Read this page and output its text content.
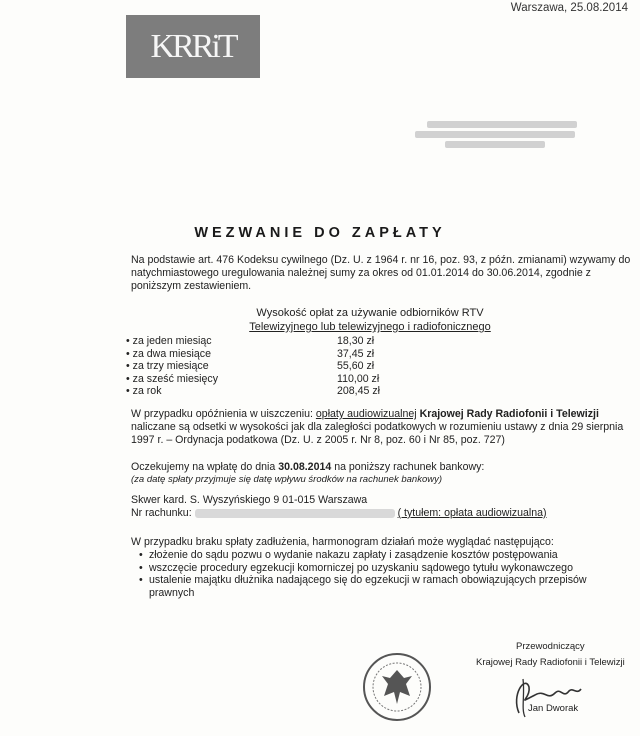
Warszawa, 25.08.2014
KRRiT
WEZWANIE DO ZAPŁATY
Na podstawie art. 476 Kodeksu cywilnego (Dz. U. z 1964 r. nr 16, poz. 93, z późn. zmianami) wzywamy do natychmiastowego uregulowania należnej sumy za okres od 01.01.2014 do 30.06.2014, zgodnie z poniższym zestawieniem.
Wysokość opłat za używanie odbiorników RTV
Telewizyjnego lub telewizyjnego i radiofonicznego
• za jeden miesiąc	18,30 zł
• za dwa miesiące	37,45 zł
• za trzy miesiące	55,60 zł
• za sześć miesięcy	110,00 zł
• za rok	208,45 zł
W przypadku opóźnienia w uiszczeniu: opłaty audiowizualnej Krajowej Rady Radiofonii i Telewizji naliczane są odsetki w wysokości jak dla zaległości podatkowych w rozumieniu ustawy z dnia 29 sierpnia 1997 r. – Ordynacja podatkowa (Dz. U. z 2005 r. Nr 8, poz. 60 i Nr 85, poz. 727)
Oczekujemy na wpłatę do dnia 30.08.2014 na poniższy rachunek bankowy:
(za datę spłaty przyjmuje się datę wpływu środków na rachunek bankowy)
Skwer kard. S. Wyszyńskiego 9 01-015 Warszawa
Nr rachunku:	( tytułem: opłata audiowizualna)
W przypadku braku spłaty zadłużenia, harmonogram działań może wyglądać następująco:
• złożenie do sądu pozwu o wydanie nakazu zapłaty i zasądzenie kosztów postępowania
• wszczęcie procedury egzekucji komorniczej po uzyskaniu sądowego tytułu wykonawczego
• ustalenie majątku dłużnika nadającego się do egzekucji w ramach obowiązujących przepisów prawnych
Przewodniczący
Krajowej Rady Radiofonii i Telewizji
Jan Dworak
